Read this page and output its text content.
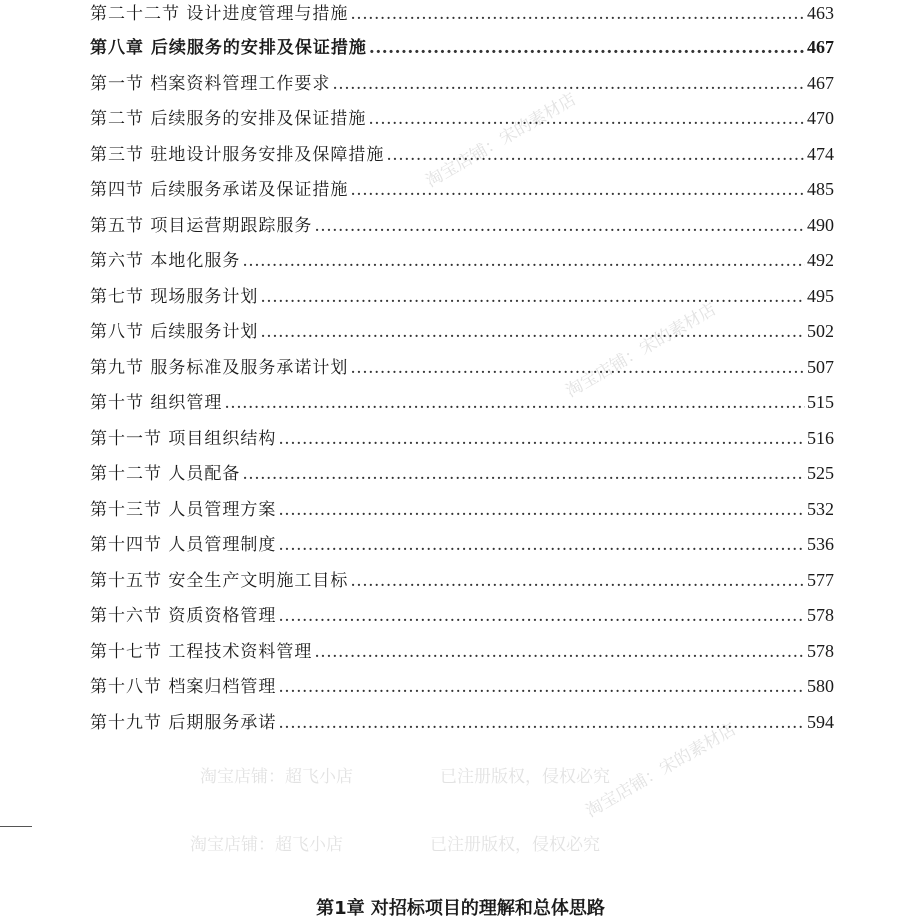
淘宝店铺：超飞小店	已注册版权，侵权必究
淘宝店铺：超飞小店	已注册版权，侵权必究
淘宝店铺：宋的素材店
淘宝店铺：宋的素材店
淘宝店铺：宋的素材店
第二十二节 设计进度管理与措施 .....	463
第八章 后续服务的安排及保证措施 .....	467
第一节 档案资料管理工作要求 .....	467
第二节 后续服务的安排及保证措施 .....	470
第三节 驻地设计服务安排及保障措施 .....	474
第四节 后续服务承诺及保证措施 .....	485
第五节 项目运营期跟踪服务 .....	490
第六节 本地化服务 .....	492
第七节 现场服务计划 .....	495
第八节 后续服务计划 .....	502
第九节 服务标准及服务承诺计划 .....	507
第十节 组织管理 .....	515
第十一节 项目组织结构 .....	516
第十二节 人员配备 .....	525
第十三节 人员管理方案 .....	532
第十四节 人员管理制度 .....	536
第十五节 安全生产文明施工目标 .....	577
第十六节 资质资格管理 .....	578
第十七节 工程技术资料管理 .....	578
第十八节 档案归档管理 .....	580
第十九节 后期服务承诺 .....	594
第1章 对招标项目的理解和总体思路
